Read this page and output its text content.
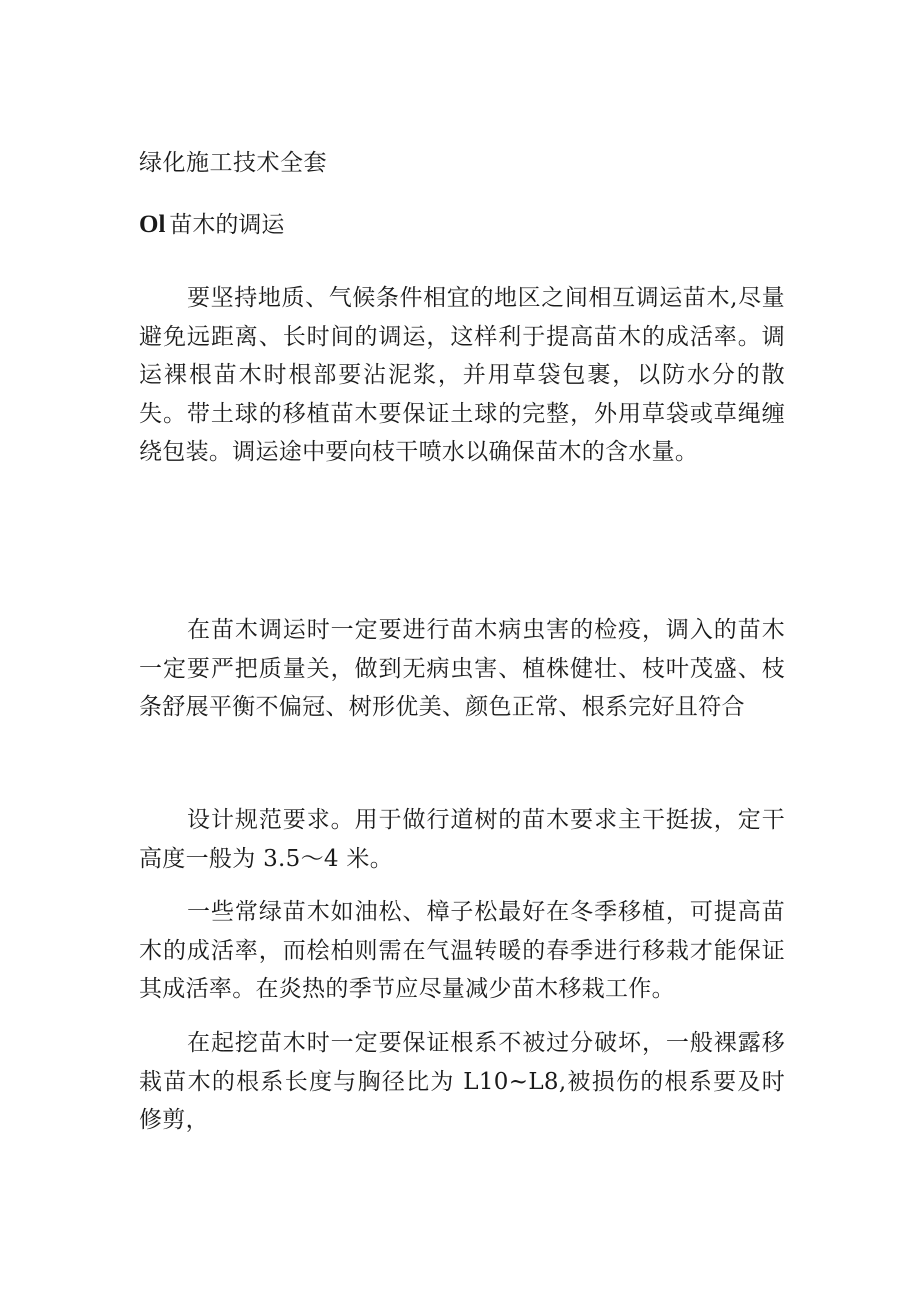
绿化施工技术全套
Ol 苗木的调运

要坚持地质、气候条件相宜的地区之间相互调运苗木,尽量避免远距离、长时间的调运，这样利于提高苗木的成活率。调运裸根苗木时根部要沾泥浆，并用草袋包裹，以防水分的散失。带土球的移植苗木要保证土球的完整，外用草袋或草绳缠绕包装。调运途中要向枝干喷水以确保苗木的含水量。

在苗木调运时一定要进行苗木病虫害的检疫，调入的苗木一定要严把质量关，做到无病虫害、植株健壮、枝叶茂盛、枝条舒展平衡不偏冠、树形优美、颜色正常、根系完好且符合

设计规范要求。用于做行道树的苗木要求主干挺拔，定干高度一般为 3.5～4 米。

一些常绿苗木如油松、樟子松最好在冬季移植，可提高苗木的成活率，而桧柏则需在气温转暖的春季进行移栽才能保证其成活率。在炎热的季节应尽量减少苗木移栽工作。

在起挖苗木时一定要保证根系不被过分破坏，一般裸露移栽苗木的根系长度与胸径比为 L10~L8,被损伤的根系要及时修剪，
